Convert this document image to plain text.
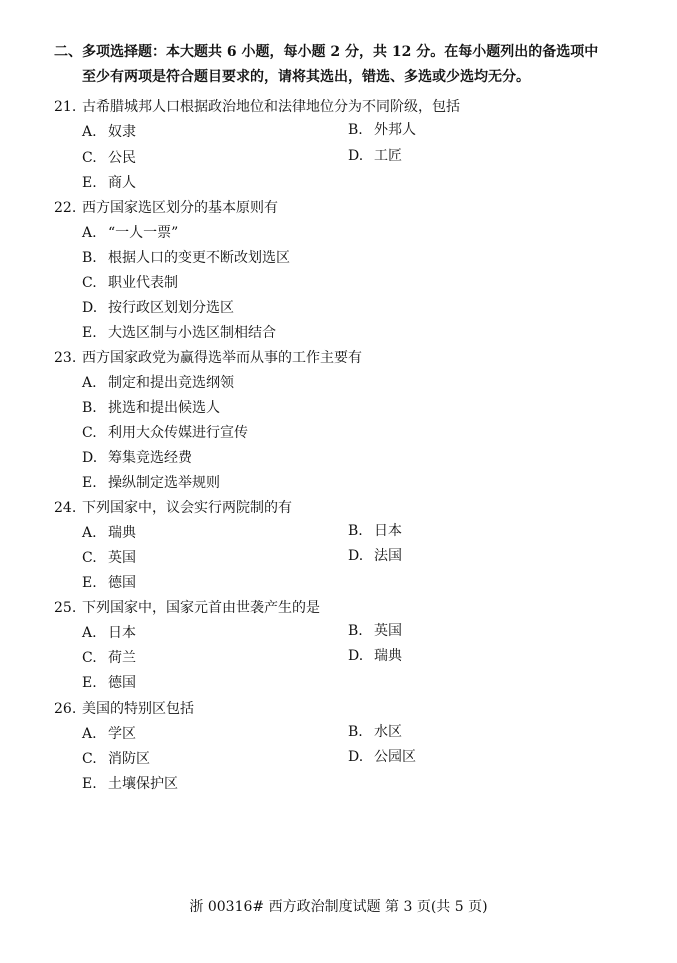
二、多项选择题：本大题共 6 小题，每小题 2 分，共 12 分。在每小题列出的备选项中
至少有两项是符合题目要求的，请将其选出，错选、多选或少选均无分。
21. 古希腊城邦人口根据政治地位和法律地位分为不同阶级，包括
A. 奴隶	B. 外邦人
C. 公民	D. 工匠
E. 商人
22. 西方国家选区划分的基本原则有
A. “一人一票”
B. 根据人口的变更不断改划选区
C. 职业代表制
D. 按行政区划划分选区
E. 大选区制与小选区制相结合
23. 西方国家政党为赢得选举而从事的工作主要有
A. 制定和提出竞选纲领
B. 挑选和提出候选人
C. 利用大众传媒进行宣传
D. 筹集竞选经费
E. 操纵制定选举规则
24. 下列国家中，议会实行两院制的有
A. 瑞典	B. 日本
C. 英国	D. 法国
E. 德国
25. 下列国家中，国家元首由世袭产生的是
A. 日本	B. 英国
C. 荷兰	D. 瑞典
E. 德国
26. 美国的特别区包括
A. 学区	B. 水区
C. 消防区	D. 公园区
E. 土壤保护区
浙 00316# 西方政治制度试题 第 3 页(共 5 页)
